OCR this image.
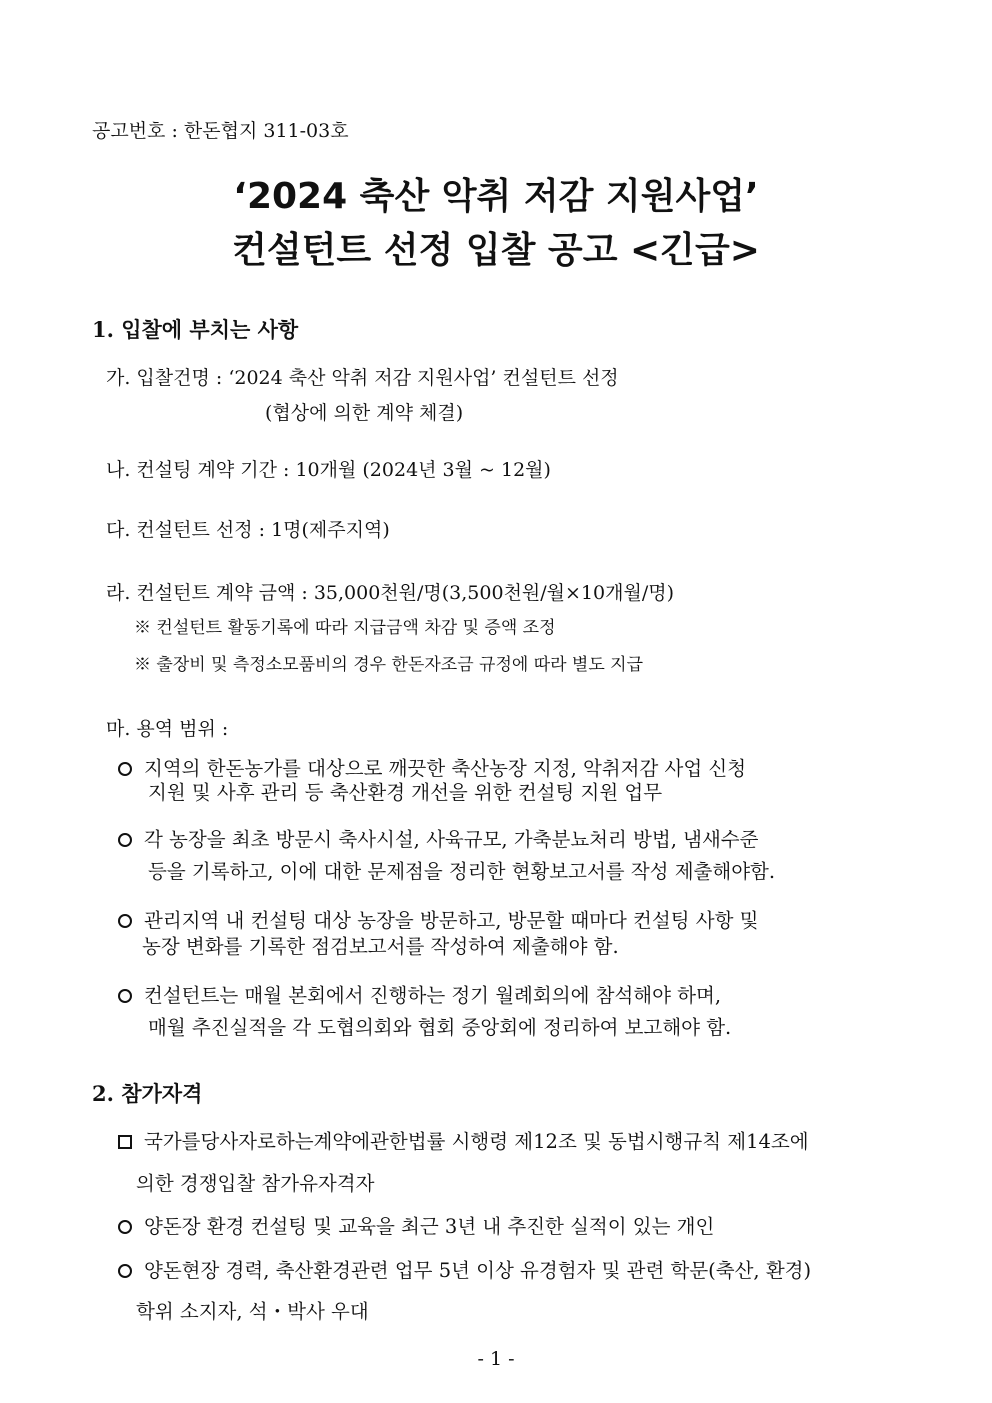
공고번호 : 한돈협지 311-03호
‘2024 축산 악취 저감 지원사업’
컨설턴트 선정 입찰 공고 <긴급>
1. 입찰에 부치는 사항
가. 입찰건명 : ‘2024 축산 악취 저감 지원사업’ 컨설턴트 선정
(협상에 의한 계약 체결)
나. 컨설팅 계약 기간 : 10개월 (2024년 3월 ~ 12월)
다. 컨설턴트 선정 : 1명(제주지역)
라. 컨설턴트 계약 금액 : 35,000천원/명(3,500천원/월×10개월/명)
※ 컨설턴트 활동기록에 따라 지급금액 차감 및 증액 조정
※ 출장비 및 측정소모품비의 경우 한돈자조금 규정에 따라 별도 지급
마. 용역 범위 :
지역의 한돈농가를 대상으로 깨끗한 축산농장 지정, 악취저감 사업 신청
지원 및 사후 관리 등 축산환경 개선을 위한 컨설팅 지원 업무
각 농장을 최초 방문시 축사시설, 사육규모, 가축분뇨처리 방법, 냄새수준
등을 기록하고, 이에 대한 문제점을 정리한 현황보고서를 작성 제출해야함.
관리지역 내 컨설팅 대상 농장을 방문하고, 방문할 때마다 컨설팅 사항 및
농장 변화를 기록한 점검보고서를 작성하여 제출해야 함.
컨설턴트는 매월 본회에서 진행하는 정기 월례회의에 참석해야 하며,
매월 추진실적을 각 도협의회와 협회 중앙회에 정리하여 보고해야 함.
2. 참가자격
국가를당사자로하는계약에관한법률 시행령 제12조 및 동법시행규칙 제14조에
의한 경쟁입찰 참가유자격자
양돈장 환경 컨설팅 및 교육을 최근 3년 내 추진한 실적이 있는 개인
양돈현장 경력, 축산환경관련 업무 5년 이상 유경험자 및 관련 학문(축산, 환경)
학위 소지자, 석・박사 우대
- 1 -
